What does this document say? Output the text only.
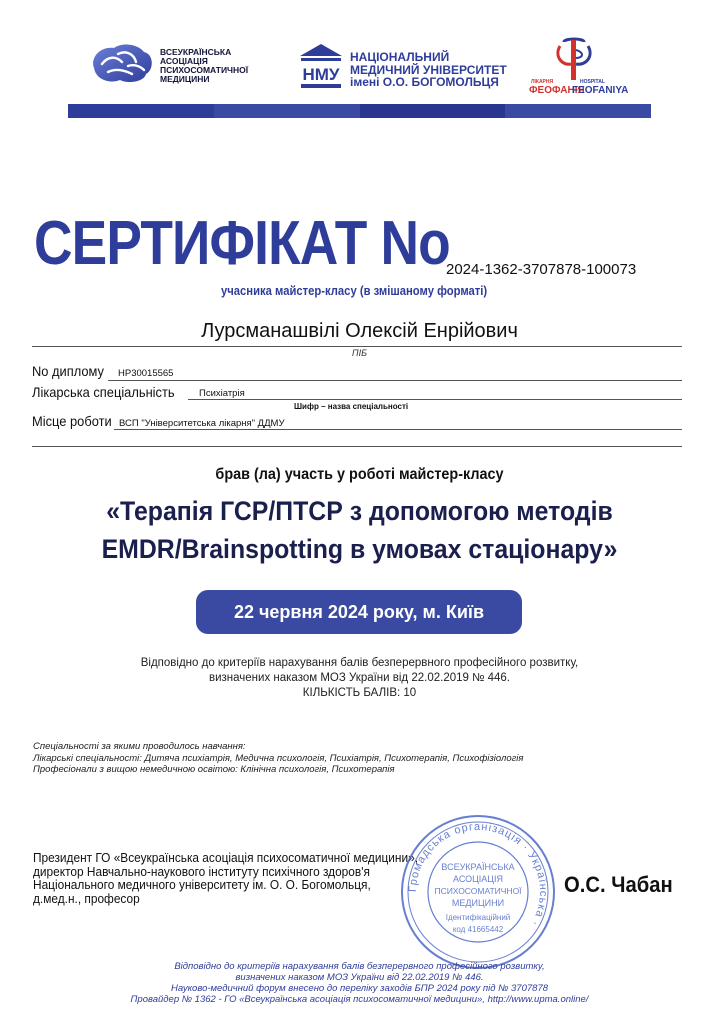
ВСЕУКРАЇНСЬКА
АСОЦІАЦІЯ
ПСИХОСОМАТИЧНОЇ
МЕДИЦИНИ	НМУ
НАЦІОНАЛЬНИЙ
МЕДИЧНИЙ УНІВЕРСИТЕТ
імені О.О. БОГОМОЛЬЦЯ	ЛІКАРНЯ
ФЕОФАНІЯ
HOSPITAL
FEOFANIYA
СЕРТИФІКАТ No
2024-1362-3707878-100073
учасника майстер-класу (в змішаному форматі)
Лурсманашвілі Олексій Енрійович
ПІБ
No диплому НР30015565
Лікарська спеціальність	Психіатрія
Шифр – назва спеціальності
Місце роботи ВСП "Університетська лікарня" ДДМУ
брав (ла) участь у роботі майстер-класу
«Терапія ГСР/ПТСР з допомогою методів
EMDR/Brainspotting в умовах стаціонару»
22 червня 2024 року, м. Київ
Відповідно до критеріїв нарахування балів безперервного професійного розвитку,
визначених наказом МОЗ України від 22.02.2019 № 446.
КІЛЬКІСТЬ БАЛІВ: 10
Спеціальності за якими проводилось навчання:
Лікарські спеціальності: Дитяча психіатрія, Медична психологія, Психіатрія, Психотерапія, Психофізіологія
Професіонали з вищою немедичною освітою: Клінічна психологія, Психотерапія
Президент ГО «Всеукраїнська асоціація психосоматичної медицини»,
директор Навчально-наукового інституту психічного здоров'я
Національного медичного університету ім. О. О. Богомольця,
д.мед.н., професор
О.С. Чабан
Громадська організація · Українська ·
ВСЕУКРАЇНСЬКА
АСОЦІАЦІЯ
ПСИХОСОМАТИЧНОЇ
МЕДИЦИНИ
Ідентифікаційний
код 41665442
Відповідно до критеріїв нарахування балів безперервного професійного розвитку,
визначених наказом МОЗ України від 22.02.2019 № 446.
Науково-медичний форум внесено до переліку заходів БПР 2024 року під № 3707878
Провайдер № 1362 - ГО «Всеукраїнська асоціація психосоматичної медицини», http://www.upma.online/
